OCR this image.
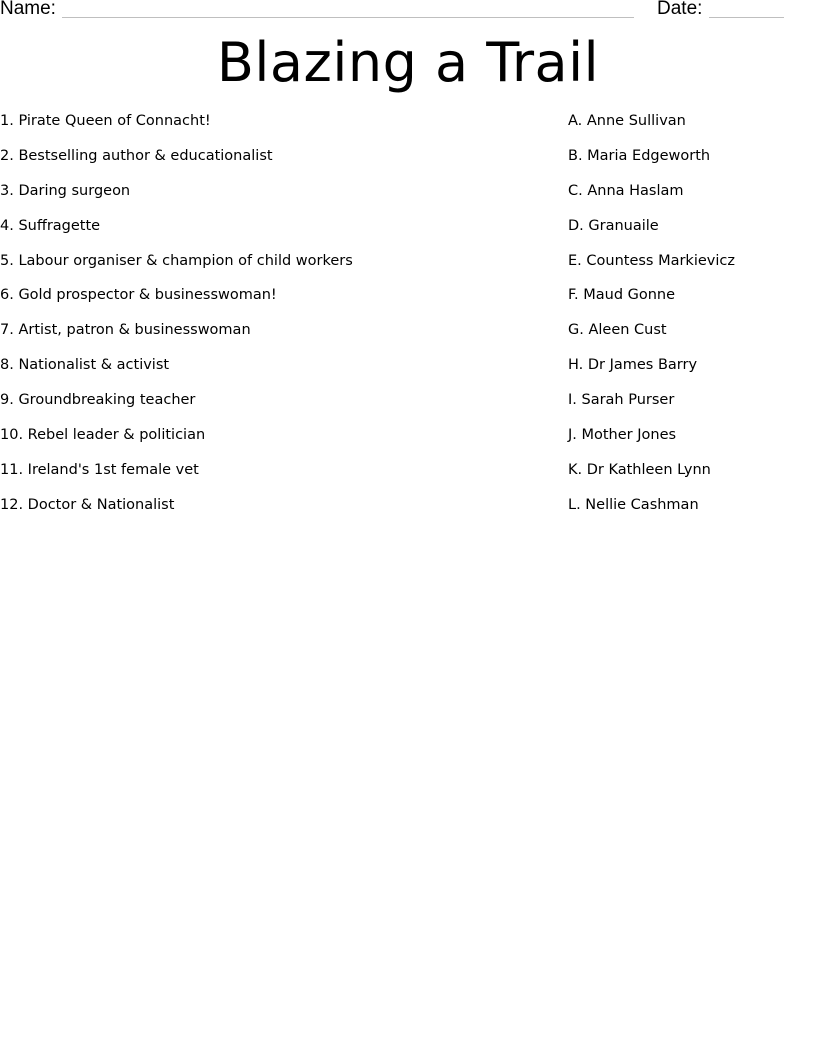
Name:	Date:
Blazing a Trail
1. Pirate Queen of Connacht!
2. Bestselling author & educationalist
3. Daring surgeon
4. Suffragette
5. Labour organiser & champion of child workers
6. Gold prospector & businesswoman!
7. Artist, patron & businesswoman
8. Nationalist & activist
9. Groundbreaking teacher
10. Rebel leader & politician
11. Ireland's 1st female vet
12. Doctor & Nationalist
A. Anne Sullivan
B. Maria Edgeworth
C. Anna Haslam
D. Granuaile
E. Countess Markievicz
F. Maud Gonne
G. Aleen Cust
H. Dr James Barry
I. Sarah Purser
J. Mother Jones
K. Dr Kathleen Lynn
L. Nellie Cashman
